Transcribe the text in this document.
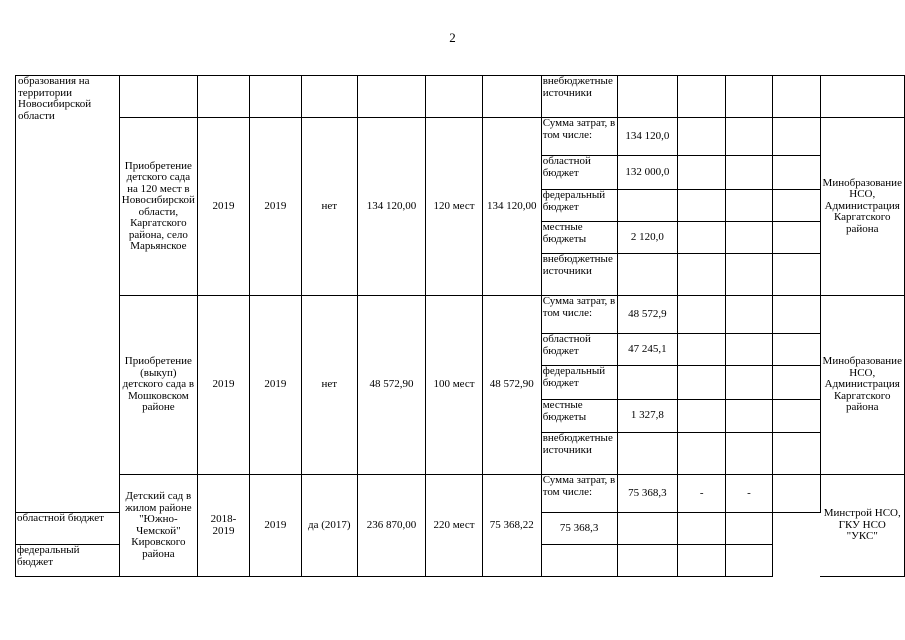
2
образования на территории Новосибирской области								внебюджетные источники					
	Приобретение детского сада на 120 мест в Новосибирской области, Каргатского района, село Марьянское	2019	2019	нет	134 120,00	120 мест	134 120,00	Сумма затрат, в том числе:	134 120,0				Минобразование НСО, Администрация Каргатского района
								областной бюджет	132 000,0				
								федеральный бюджет					
								местные бюджеты	2 120,0				
								внебюджетные источники					
	Приобретение (выкуп) детского сада в Мошковском районе	2019	2019	нет	48 572,90	100 мест	48 572,90	Сумма затрат, в том числе:	48 572,9				Минобразование НСО, Администрация Каргатского района
								областной бюджет	47 245,1				
								федеральный бюджет					
								местные бюджеты	1 327,8				
								внебюджетные источники					
	Детский сад в жилом районе "Южно-Чемской" Кировского района	2018-2019	2019	да (2017)	236 870,00	220 мест	75 368,22	Сумма затрат, в том числе:	75 368,3	-	-		Минстрой НСО, ГКУ НСО "УКС"
областной бюджет								75 368,3					
федеральный бюджет													
